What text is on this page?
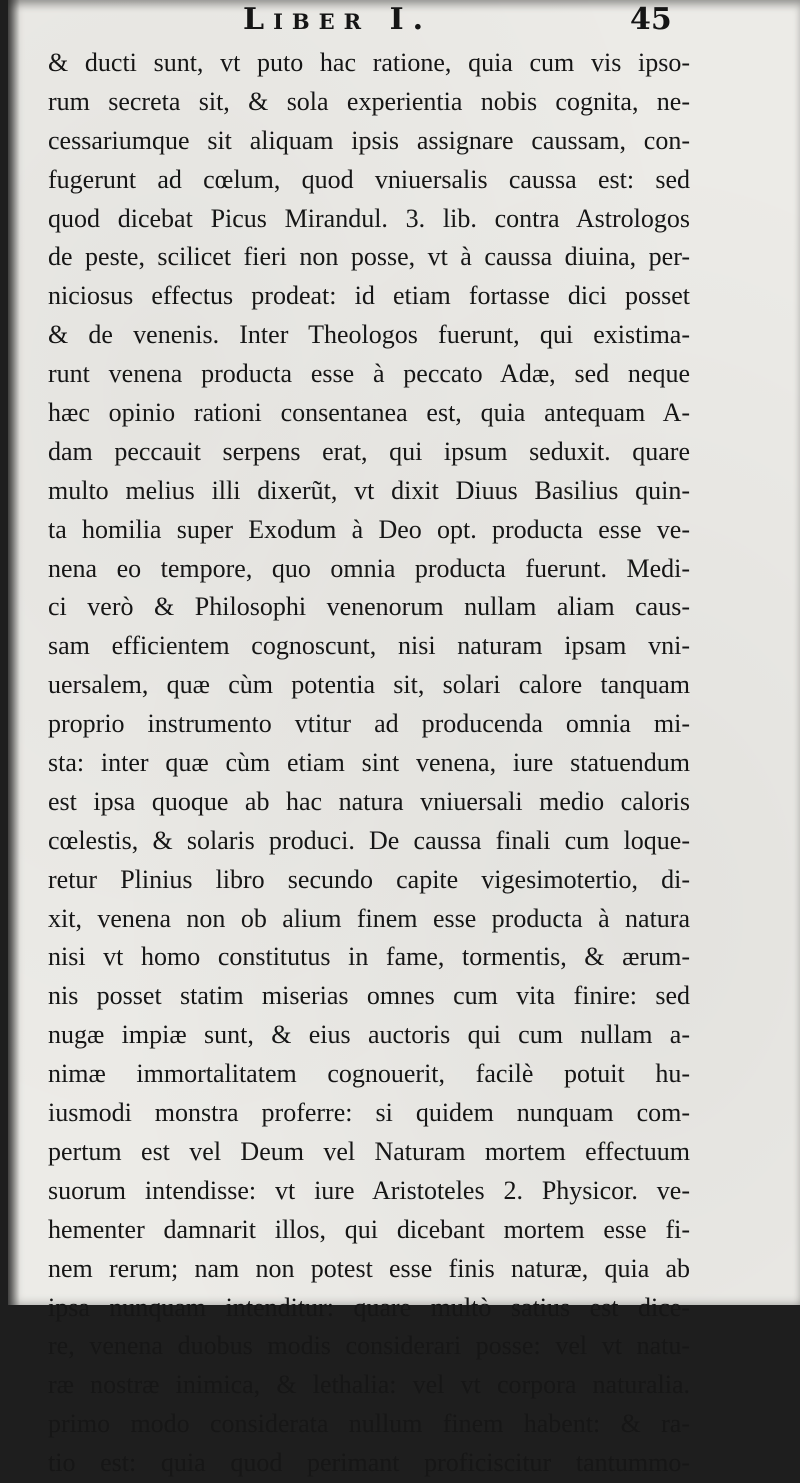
Liber I.	45
& ducti sunt, vt puto hac ratione, quia cum vis ipso-
rum secreta sit, & sola experientia nobis cognita, ne-
cessariumque sit aliquam ipsis assignare caussam, con-
fugerunt ad cœlum, quod vniuersalis caussa est: sed
quod dicebat Picus Mirandul. 3. lib. contra Astrologos
de peste, scilicet fieri non posse, vt à caussa diuina, per-
niciosus effectus prodeat: id etiam fortasse dici posset
& de venenis. Inter Theologos fuerunt, qui existima-
runt venena producta esse à peccato Adæ, sed neque
hæc opinio rationi consentanea est, quia antequam A-
dam peccauit serpens erat, qui ipsum seduxit. quare
multo melius illi dixerũt, vt dixit Diuus Basilius quin-
ta homilia super Exodum à Deo opt. producta esse ve-
nena eo tempore, quo omnia producta fuerunt. Medi-
ci verò & Philosophi venenorum nullam aliam caus-
sam efficientem cognoscunt, nisi naturam ipsam vni-
uersalem, quæ cùm potentia sit, solari calore tanquam
proprio instrumento vtitur ad producenda omnia mi-
sta: inter quæ cùm etiam sint venena, iure statuendum
est ipsa quoque ab hac natura vniuersali medio caloris
cœlestis, & solaris produci. De caussa finali cum loque-
retur Plinius libro secundo capite vigesimotertio, di-
xit, venena non ob alium finem esse producta à natura
nisi vt homo constitutus in fame, tormentis, & ærum-
nis posset statim miserias omnes cum vita finire: sed
nugæ impiæ sunt, & eius auctoris qui cum nullam a-
nimæ immortalitatem cognouerit, facilè potuit hu-
iusmodi monstra proferre: si quidem nunquam com-
pertum est vel Deum vel Naturam mortem effectuum
suorum intendisse: vt iure Aristoteles 2. Physicor. ve-
hementer damnarit illos, qui dicebant mortem esse fi-
nem rerum; nam non potest esse finis naturæ, quia ab
ipsa nunquam intenditur: quare multò satius est dice-
re, venena duobus modis considerari posse: vel vt natu-
ræ nostræ inimica, & lethalia: vel vt corpora naturalia.
primo modo considerata nullum finem habent: & ra-
tio est: quia quod perimant proficiscitur tantummo-
